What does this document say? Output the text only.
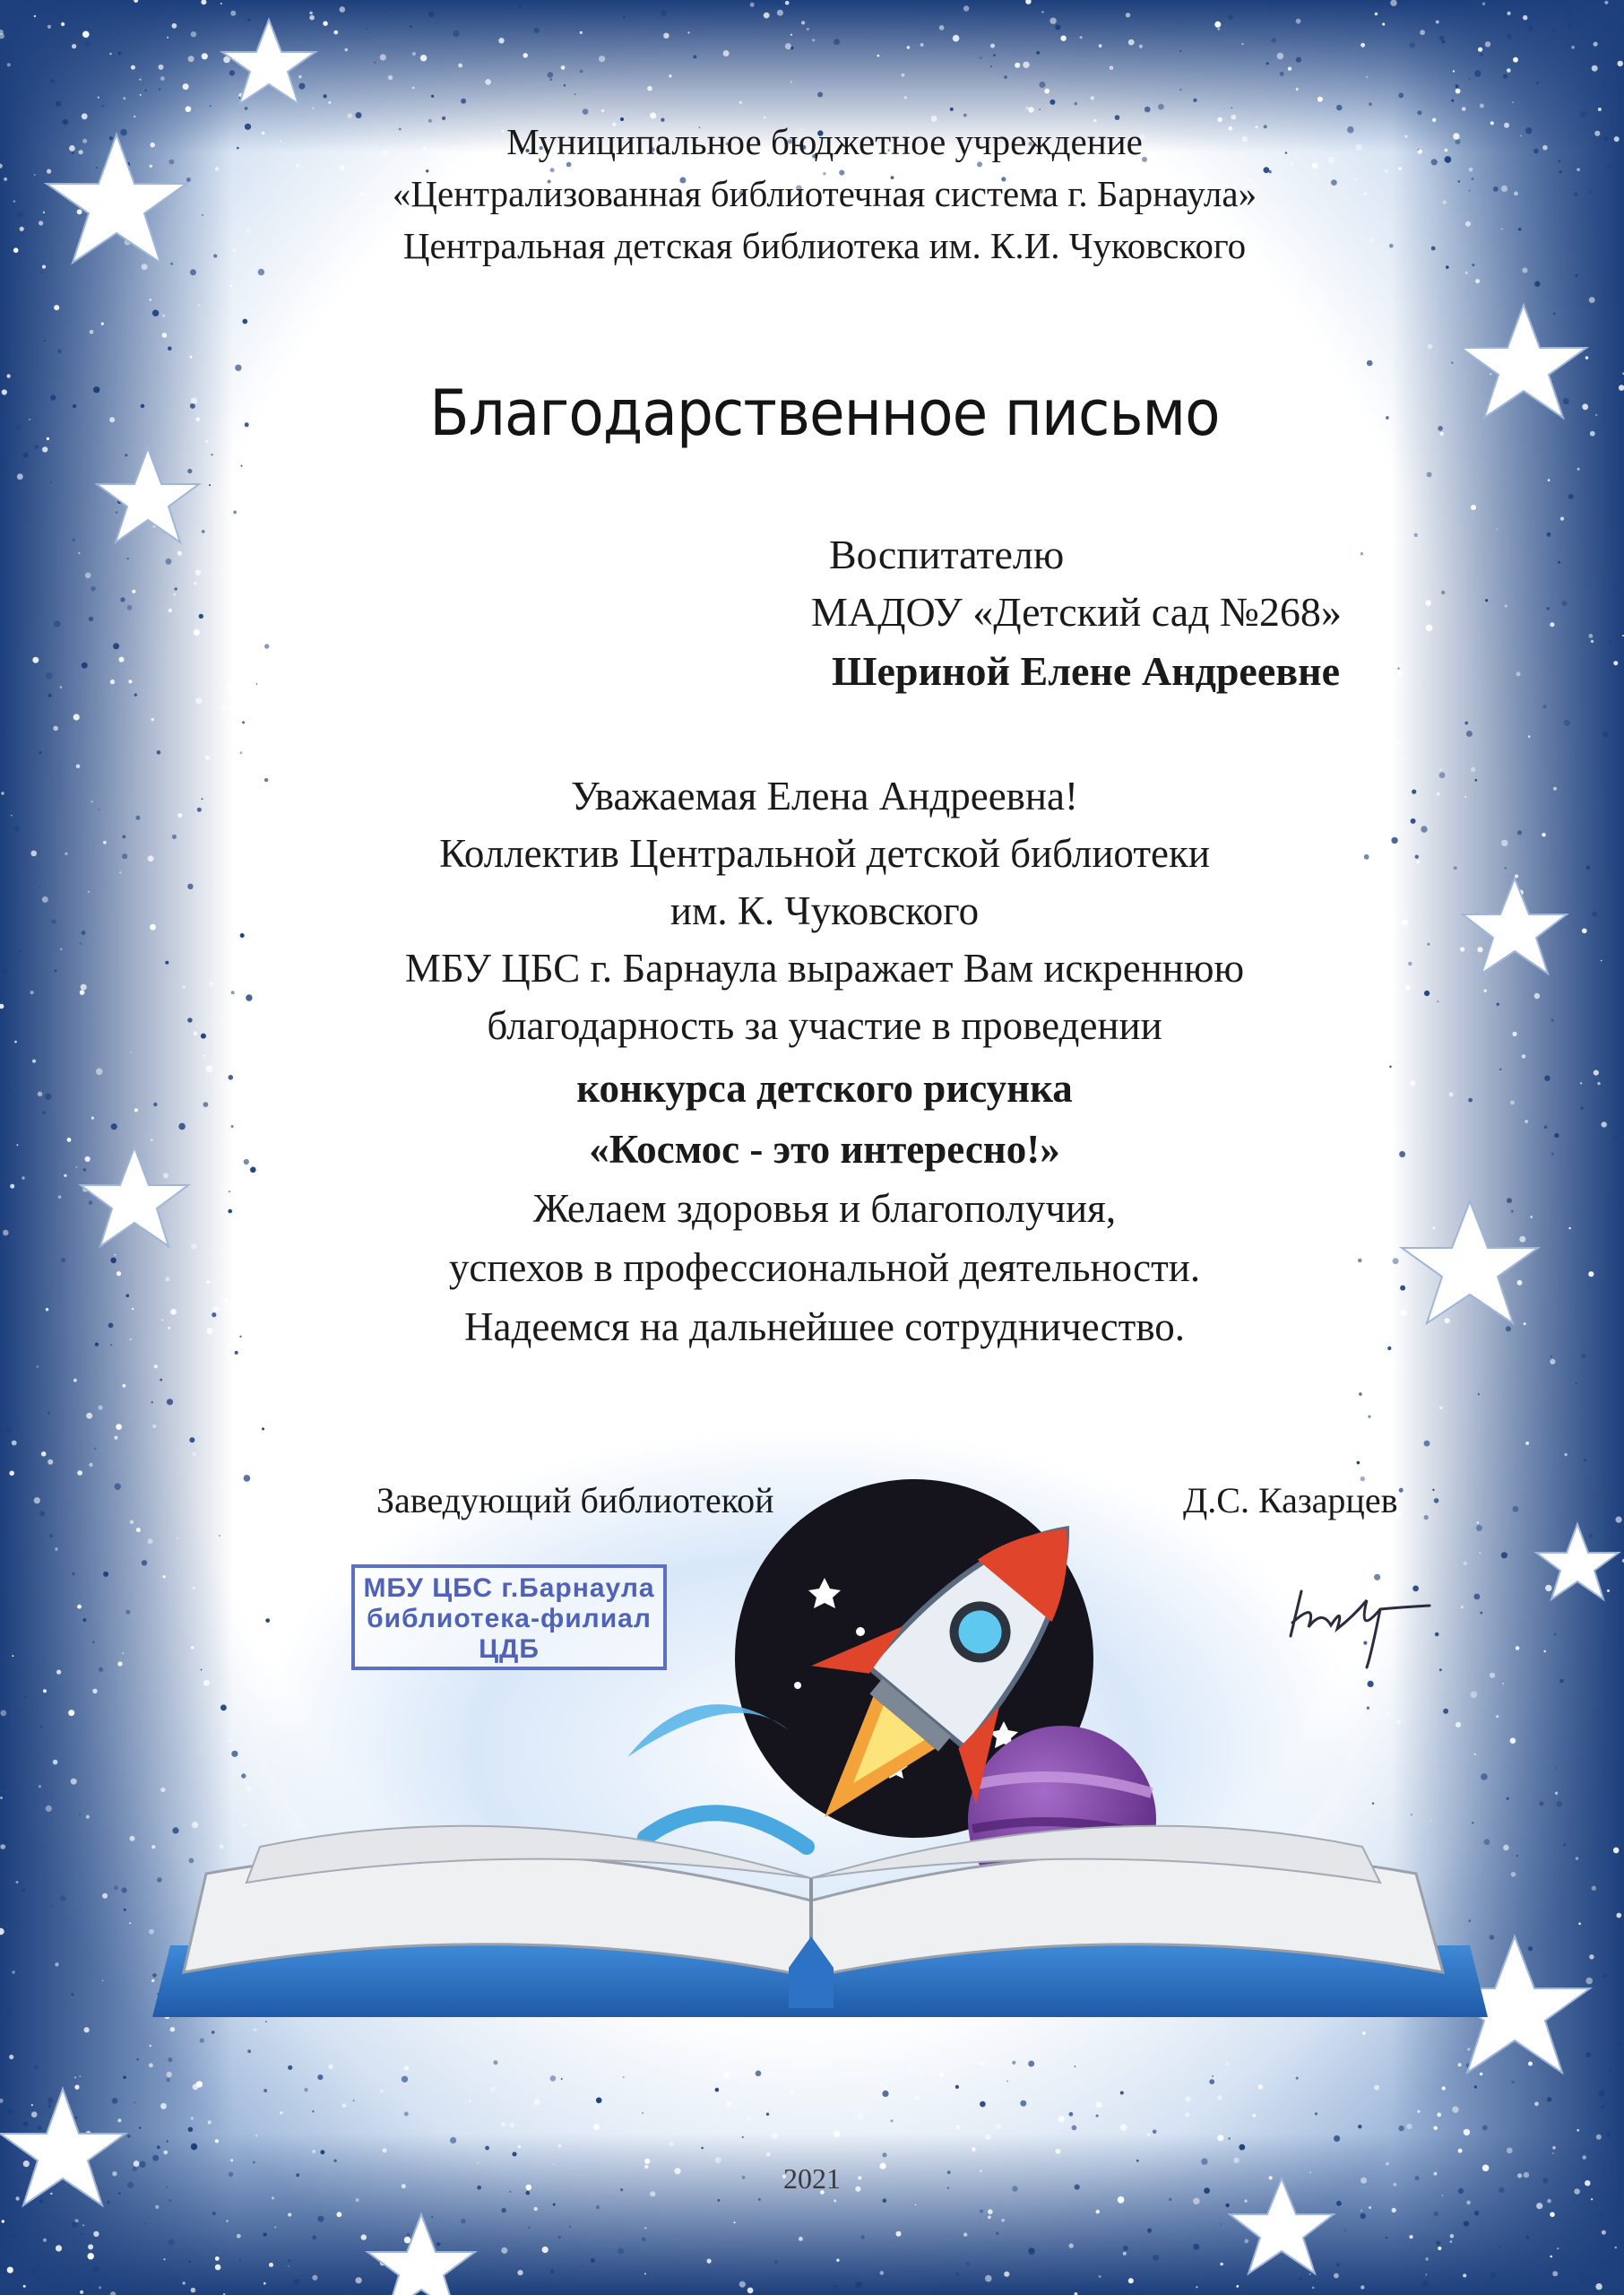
Муниципальное бюджетное учреждение
«Централизованная библиотечная система г. Барнаула»
Центральная детская библиотека им. К.И. Чуковского
Благодарственное письмо
Воспитателю
МАДОУ «Детский сад №268»
Шериной Елене Андреевне
Уважаемая Елена Андреевна!
Коллектив Центральной детской библиотеки
им. К. Чуковского
МБУ ЦБС г. Барнаула выражает Вам искреннюю
благодарность за участие в проведении
конкурса детского рисунка
«Космос - это интересно!»
Желаем здоровья и благополучия,
успехов в профессиональной деятельности.
Надеемся на дальнейшее сотрудничество.
Заведующий библиотекой	Д.С. Казарцев
МБУ ЦБС г.Барнаула
библиотека-филиал
ЦДБ
2021
